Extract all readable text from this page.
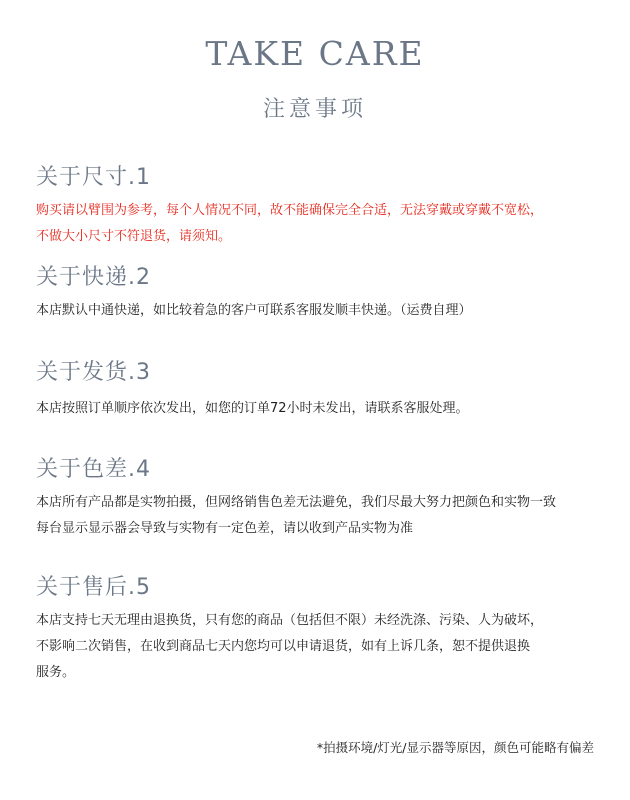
TAKE CARE
注意事项
关于尺寸.1

购买请以臂围为参考，每个人情况不同，故不能确保完全合适，无法穿戴或穿戴不宽松，
不做大小尺寸不符退货，请须知。

关于快递.2

本店默认中通快递，如比较着急的客户可联系客服发顺丰快递。（运费自理）

关于发货.3

本店按照订单顺序依次发出，如您的订单72小时未发出，请联系客服处理。

关于色差.4

本店所有产品都是实物拍摄，但网络销售色差无法避免，我们尽最大努力把颜色和实物一致
每台显示显示器会导致与实物有一定色差，请以收到产品实物为准

关于售后.5

本店支持七天无理由退换货，只有您的商品（包括但不限）未经洗涤、污染、人为破坏，
不影响二次销售，在收到商品七天内您均可以申请退货，如有上诉几条，恕不提供退换
服务。

*拍摄环境/灯光/显示器等原因，颜色可能略有偏差
